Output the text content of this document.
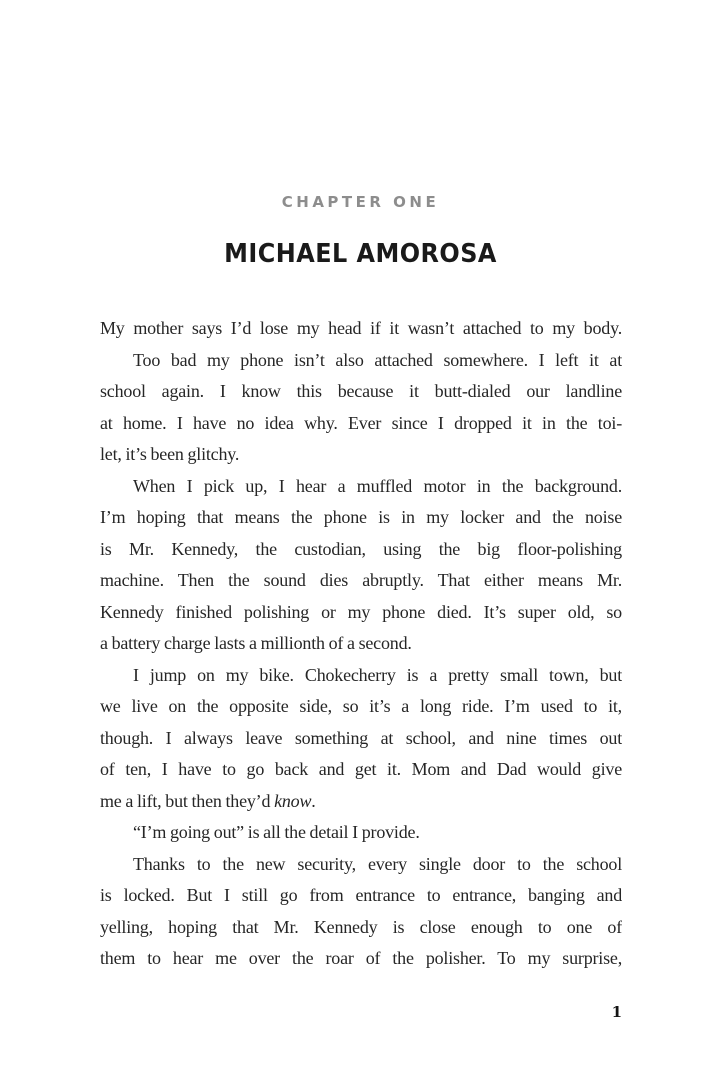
CHAPTER ONE
MICHAEL AMOROSA
My mother says I’d lose my head if it wasn’t attached to my body.
Too bad my phone isn’t also attached somewhere. I left it at
school again. I know this because it butt-dialed our landline
at home. I have no idea why. Ever since I dropped it in the toi-
let, it’s been glitchy.
When I pick up, I hear a muffled motor in the background.
I’m hoping that means the phone is in my locker and the noise
is Mr. Kennedy, the custodian, using the big floor-polishing
machine. Then the sound dies abruptly. That either means Mr.
Kennedy finished polishing or my phone died. It’s super old, so
a battery charge lasts a millionth of a second.
I jump on my bike. Chokecherry is a pretty small town, but
we live on the opposite side, so it’s a long ride. I’m used to it,
though. I always leave something at school, and nine times out
of ten, I have to go back and get it. Mom and Dad would give
me a lift, but then they’d know.
“I’m going out” is all the detail I provide.
Thanks to the new security, every single door to the school
is locked. But I still go from entrance to entrance, banging and
yelling, hoping that Mr. Kennedy is close enough to one of
them to hear me over the roar of the polisher. To my surprise,
1
